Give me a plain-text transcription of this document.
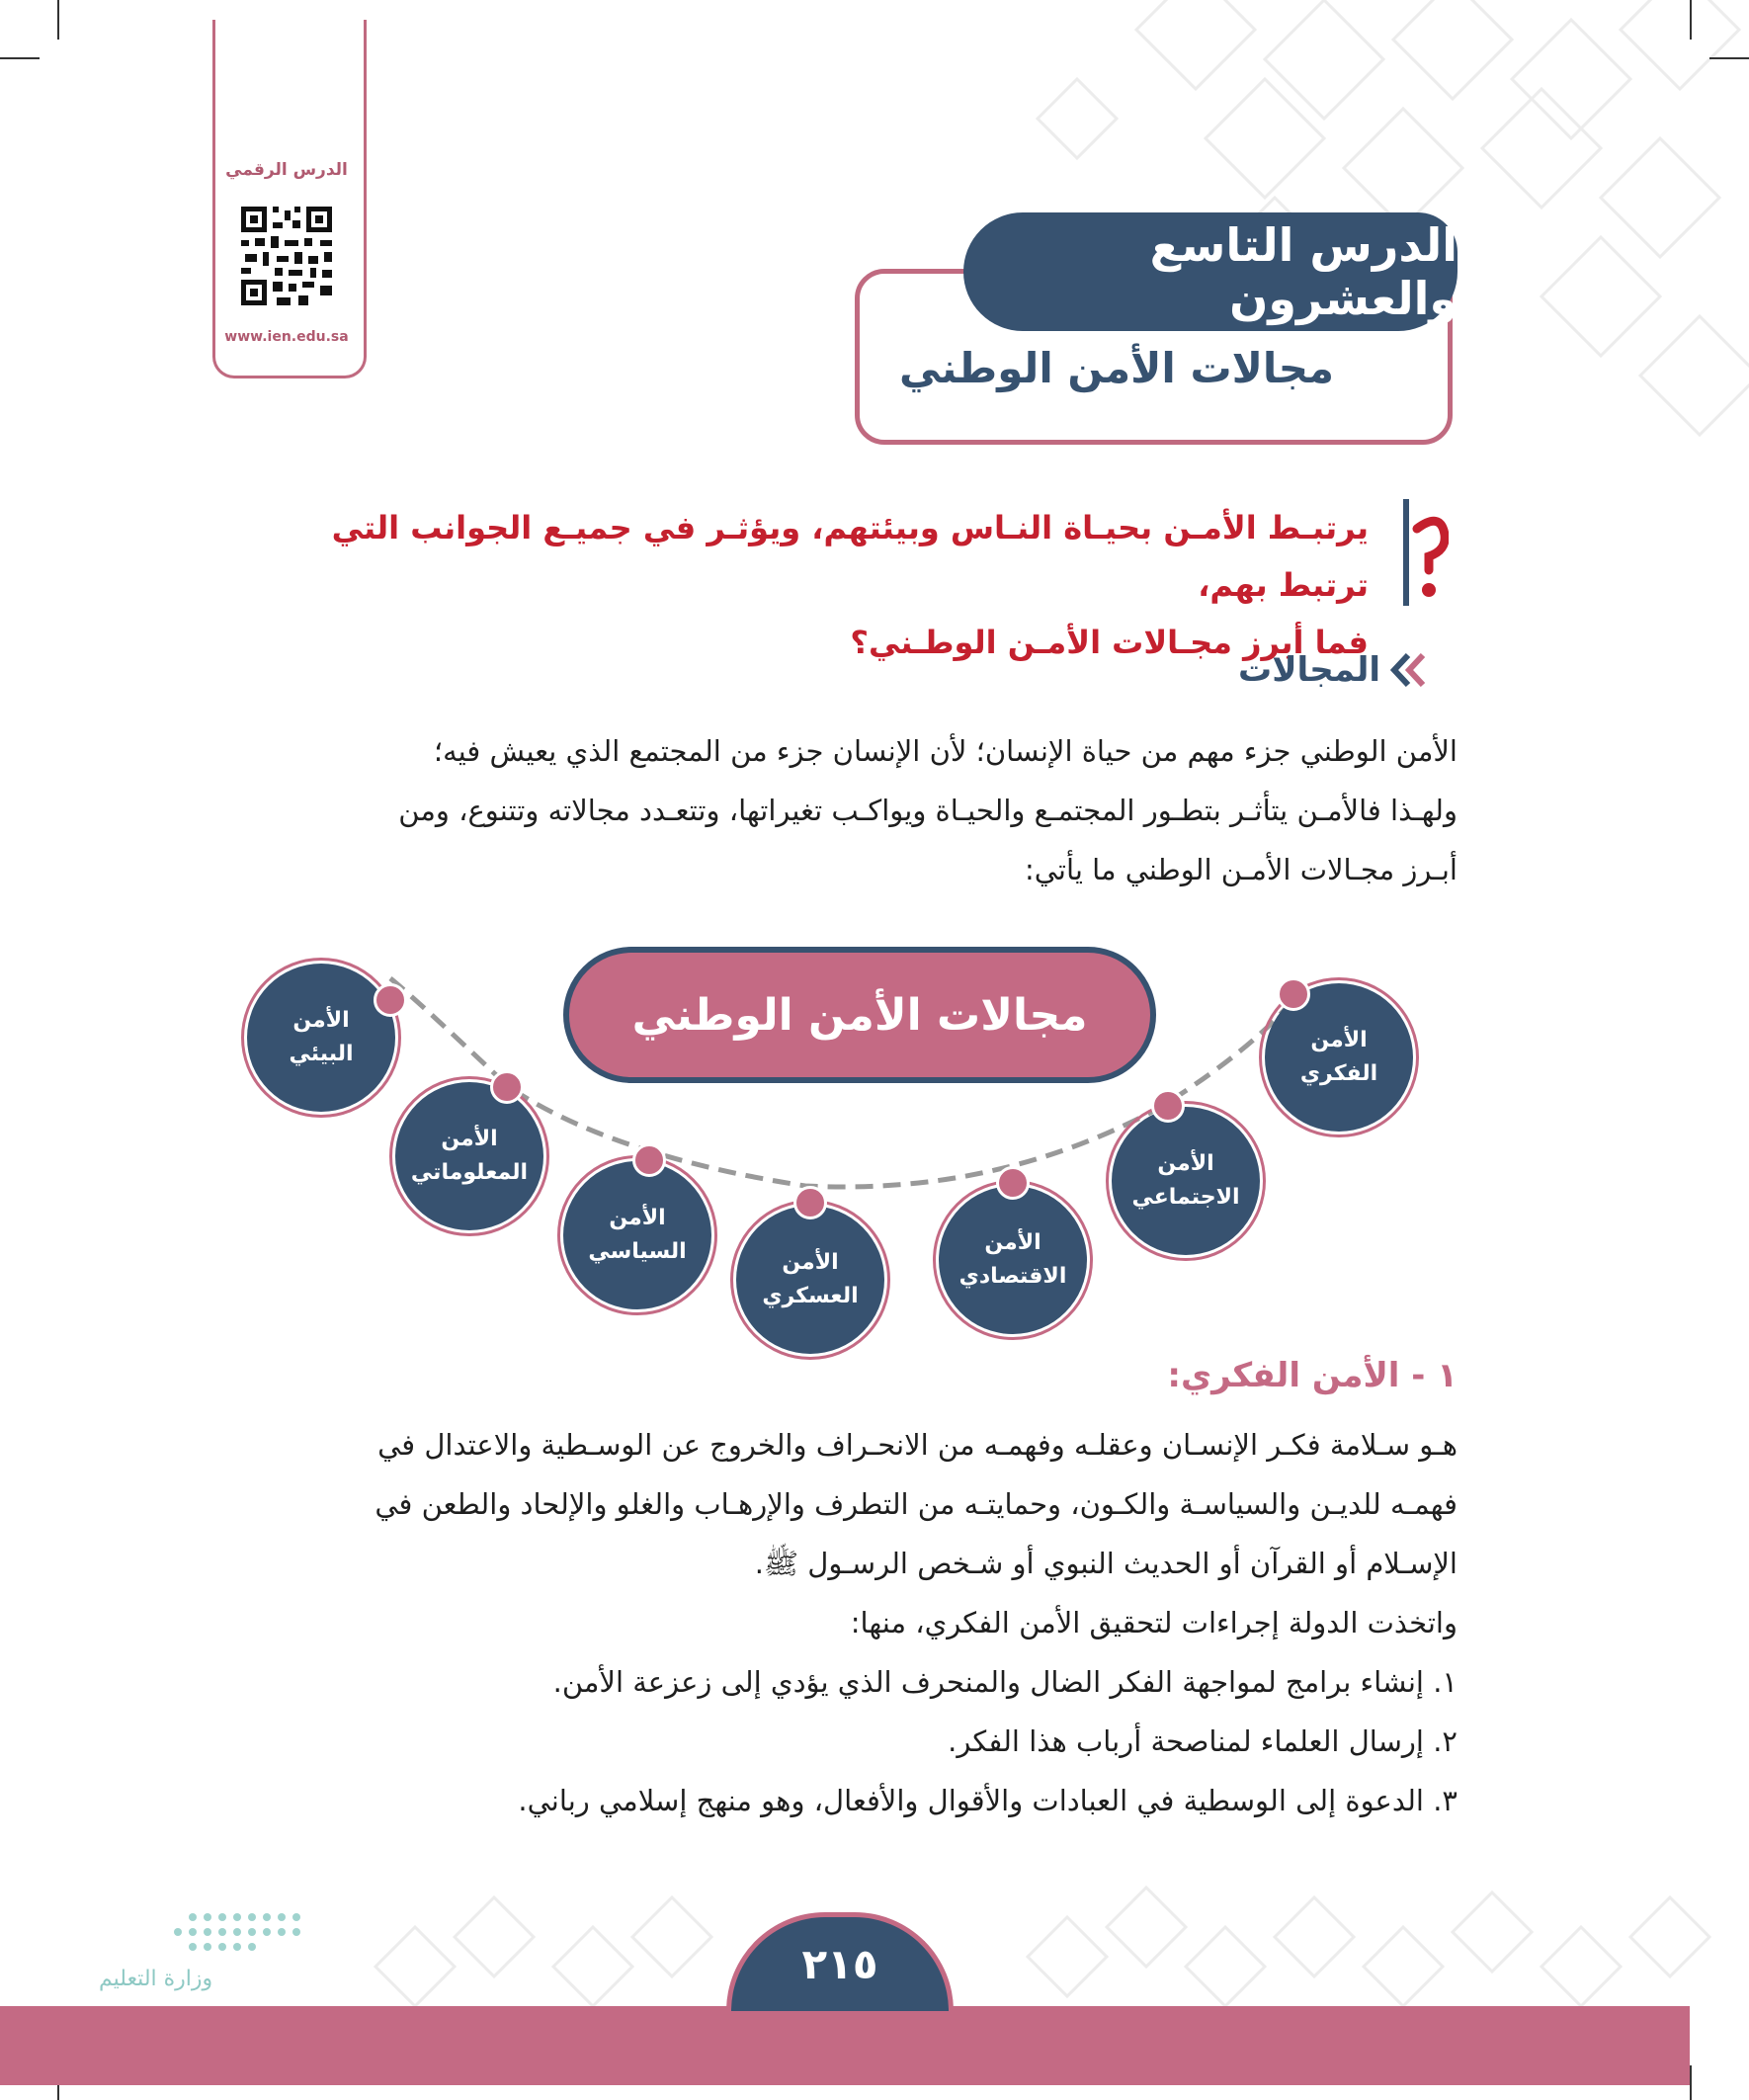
الدرس الرقمي
www.ien.edu.sa
الدرس التاسع والعشرون
مجالات الأمن الوطني
يرتبـط الأمـن بحيـاة النـاس وبيئتهم، ويؤثـر في جميـع الجوانب التي ترتبط بهم،
فما أبرز مجـالات الأمـن الوطـني؟
المجالات
الأمن الوطني جزء مهم من حياة الإنسان؛ لأن الإنسان جزء من المجتمع الذي يعيش فيه؛
ولهـذا فالأمـن يتأثـر بتطـور المجتمـع والحيـاة ويواكـب تغيراتها، وتتعـدد مجالاته وتتنوع، ومن
أبـرز مجـالات الأمـن الوطني ما يأتي:
مجالات الأمن الوطني	الأمن
الفكري
الأمن
الاجتماعي
الأمن
الاقتصادي
الأمن
العسكري
الأمن
السياسي
الأمن
المعلوماتي
الأمن
البيئي
١ - الأمن الفكري:
هـو سـلامة فكـر الإنسـان وعقلـه وفهمـه من الانحـراف والخروج عن الوسـطية والاعتدال في
فهمـه للديـن والسياسـة والكـون، وحمايتـه من التطرف والإرهـاب والغلو والإلحاد والطعن في
الإسـلام أو القرآن أو الحديث النبوي أو شـخص الرسـول ﷺ.
واتخذت الدولة إجراءات لتحقيق الأمن الفكري، منها:
١. إنشاء برامج لمواجهة الفكر الضال والمنحرف الذي يؤدي إلى زعزعة الأمن.
٢. إرسال العلماء لمناصحة أرباب هذا الفكر.
٣. الدعوة إلى الوسطية في العبادات والأقوال والأفعال، وهو منهج إسلامي رباني.
٢١٥
وزارة التعليم
